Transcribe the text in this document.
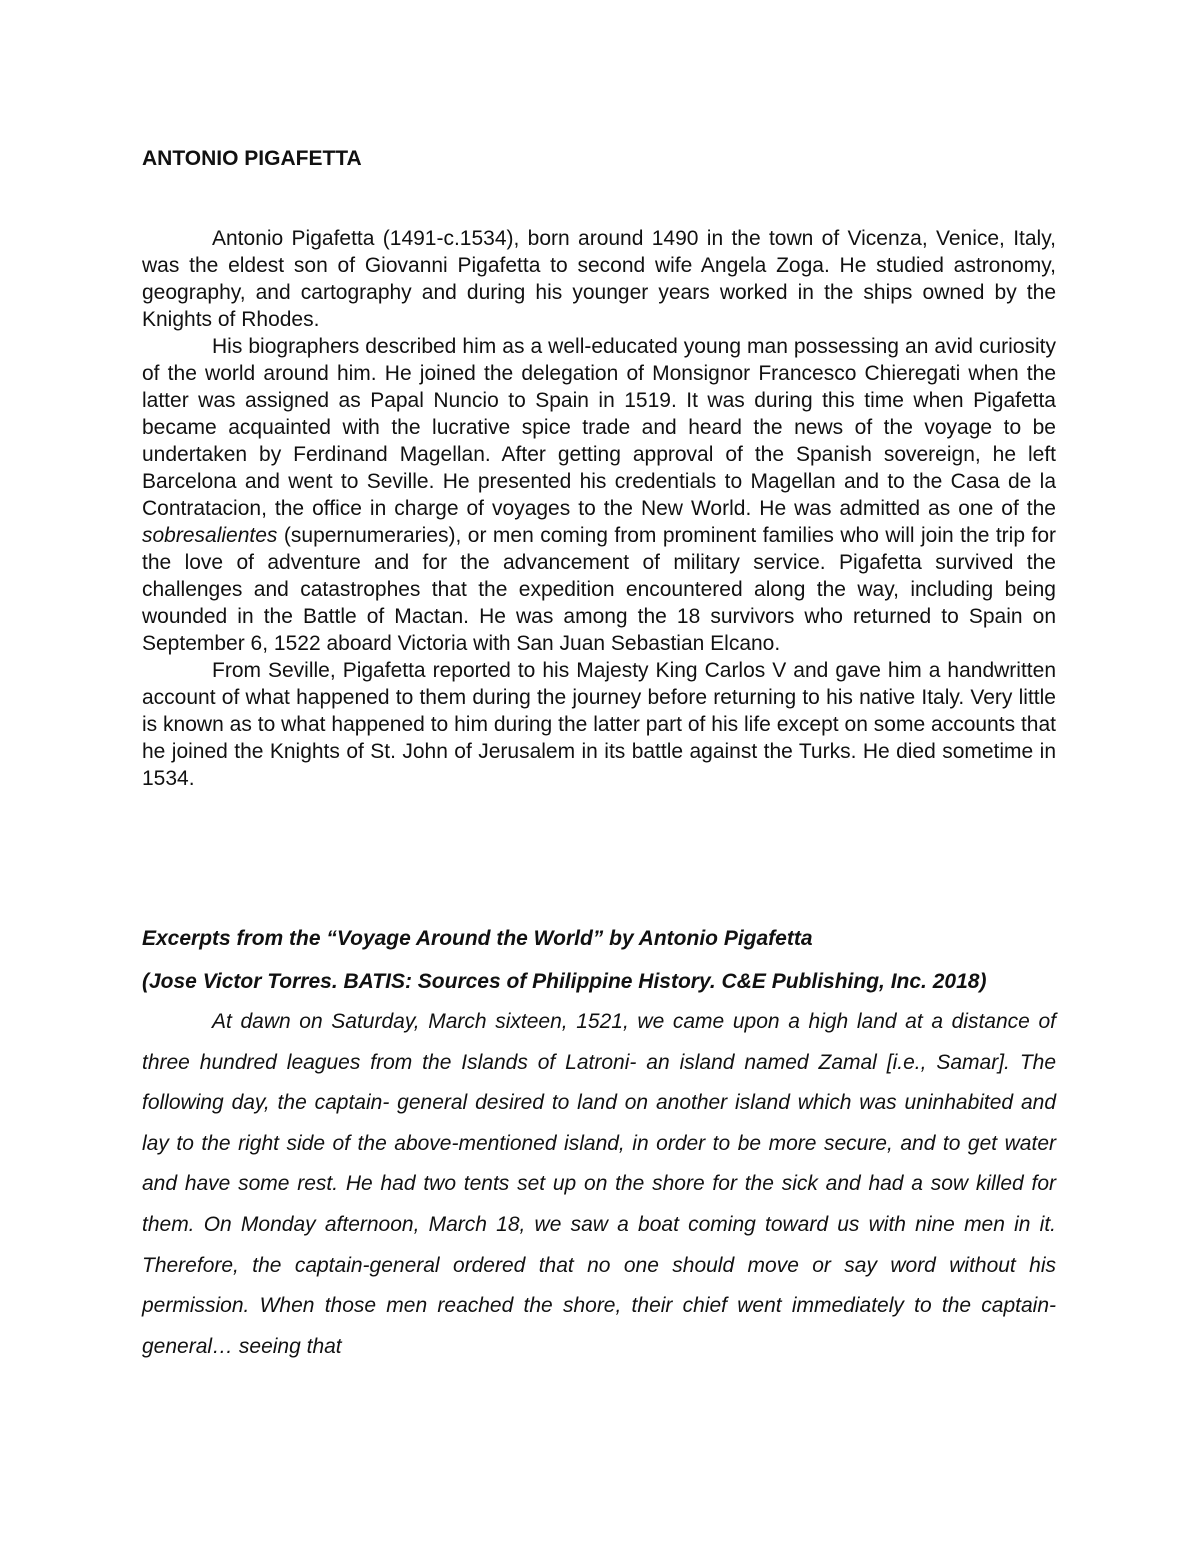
ANTONIO PIGAFETTA

Antonio Pigafetta (1491-c.1534), born around 1490 in the town of Vicenza, Venice, Italy, was the eldest son of Giovanni Pigafetta to second wife Angela Zoga. He studied astronomy, geography, and cartography and during his younger years worked in the ships owned by the Knights of Rhodes.

His biographers described him as a well-educated young man possessing an avid curiosity of the world around him. He joined the delegation of Monsignor Francesco Chieregati when the latter was assigned as Papal Nuncio to Spain in 1519. It was during this time when Pigafetta became acquainted with the lucrative spice trade and heard the news of the voyage to be undertaken by Ferdinand Magellan. After getting approval of the Spanish sovereign, he left Barcelona and went to Seville. He presented his credentials to Magellan and to the Casa de la Contratacion, the office in charge of voyages to the New World. He was admitted as one of the sobresalientes (supernumeraries), or men coming from prominent families who will join the trip for the love of adventure and for the advancement of military service. Pigafetta survived the challenges and catastrophes that the expedition encountered along the way, including being wounded in the Battle of Mactan. He was among the 18 survivors who returned to Spain on September 6, 1522 aboard Victoria with San Juan Sebastian Elcano.

From Seville, Pigafetta reported to his Majesty King Carlos V and gave him a handwritten account of what happened to them during the journey before returning to his native Italy. Very little is known as to what happened to him during the latter part of his life except on some accounts that he joined the Knights of St. John of Jerusalem in its battle against the Turks. He died sometime in 1534.

Excerpts from the “Voyage Around the World” by Antonio Pigafetta

(Jose Victor Torres. BATIS: Sources of Philippine History. C&E Publishing, Inc. 2018)

At dawn on Saturday, March sixteen, 1521, we came upon a high land at a distance of three hundred leagues from the Islands of Latroni- an island named Zamal [i.e., Samar]. The following day, the captain- general desired to land on another island which was uninhabited and lay to the right side of the above-mentioned island, in order to be more secure, and to get water and have some rest. He had two tents set up on the shore for the sick and had a sow killed for them. On Monday afternoon, March 18, we saw a boat coming toward us with nine men in it. Therefore, the captain-general ordered that no one should move or say word without his permission. When those men reached the shore, their chief went immediately to the captain-general… seeing that
